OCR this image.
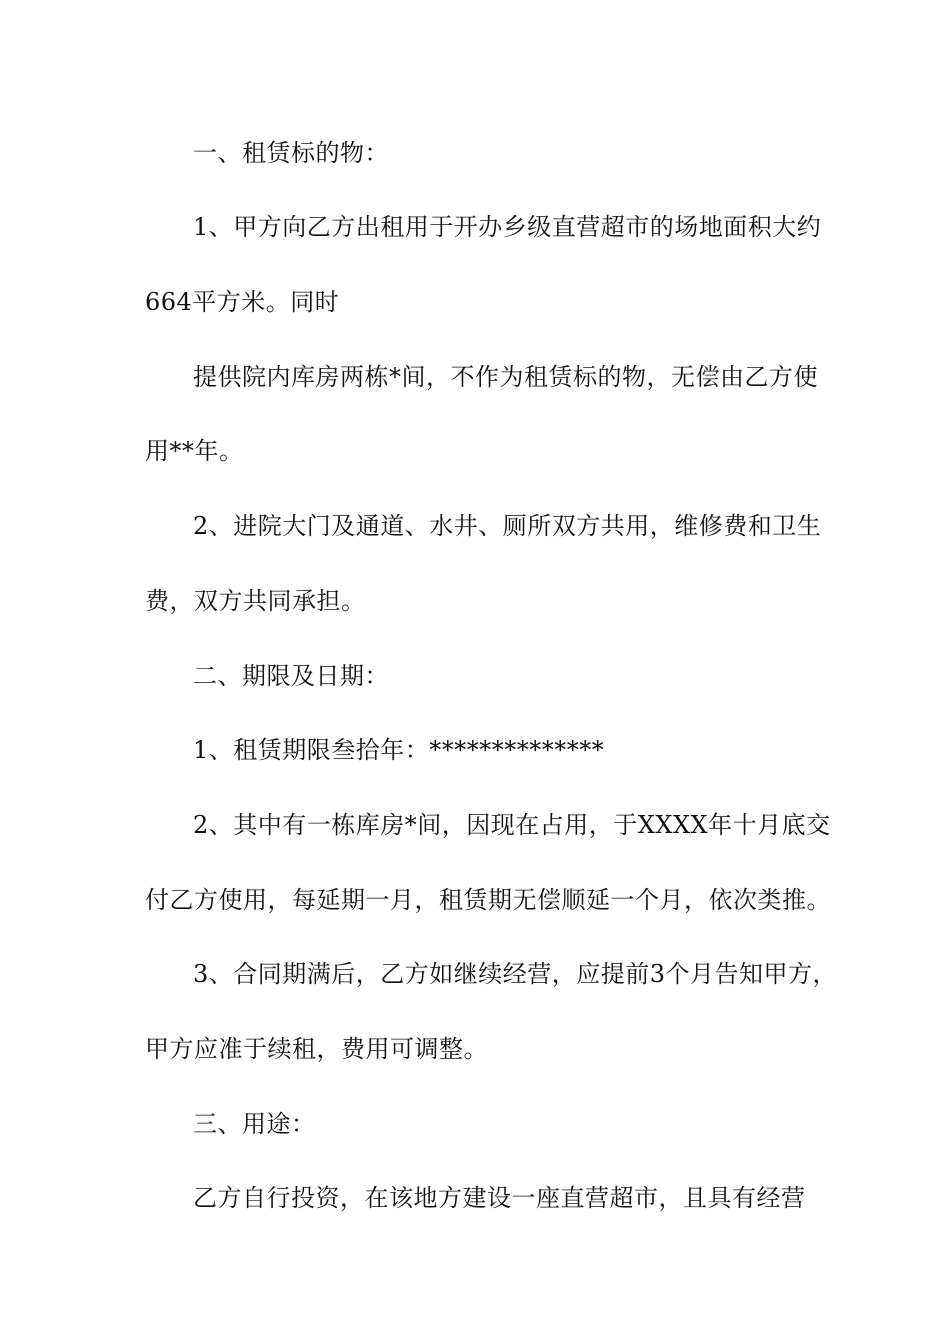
一、租赁标的物：
1、甲方向乙方出租用于开办乡级直营超市的场地面积大约
664平方米。同时
提供院内库房两栋*间，不作为租赁标的物，无偿由乙方使
用**年。
2、进院大门及通道、水井、厕所双方共用，维修费和卫生
费，双方共同承担。
二、期限及日期：
1、租赁期限叁拾年：**************
2、其中有一栋库房*间，因现在占用，于XXXX年十月底交
付乙方使用，每延期一月，租赁期无偿顺延一个月，依次类推。
3、合同期满后，乙方如继续经营，应提前3个月告知甲方，
甲方应准于续租，费用可调整。
三、用途：
乙方自行投资，在该地方建设一座直营超市，且具有经营
